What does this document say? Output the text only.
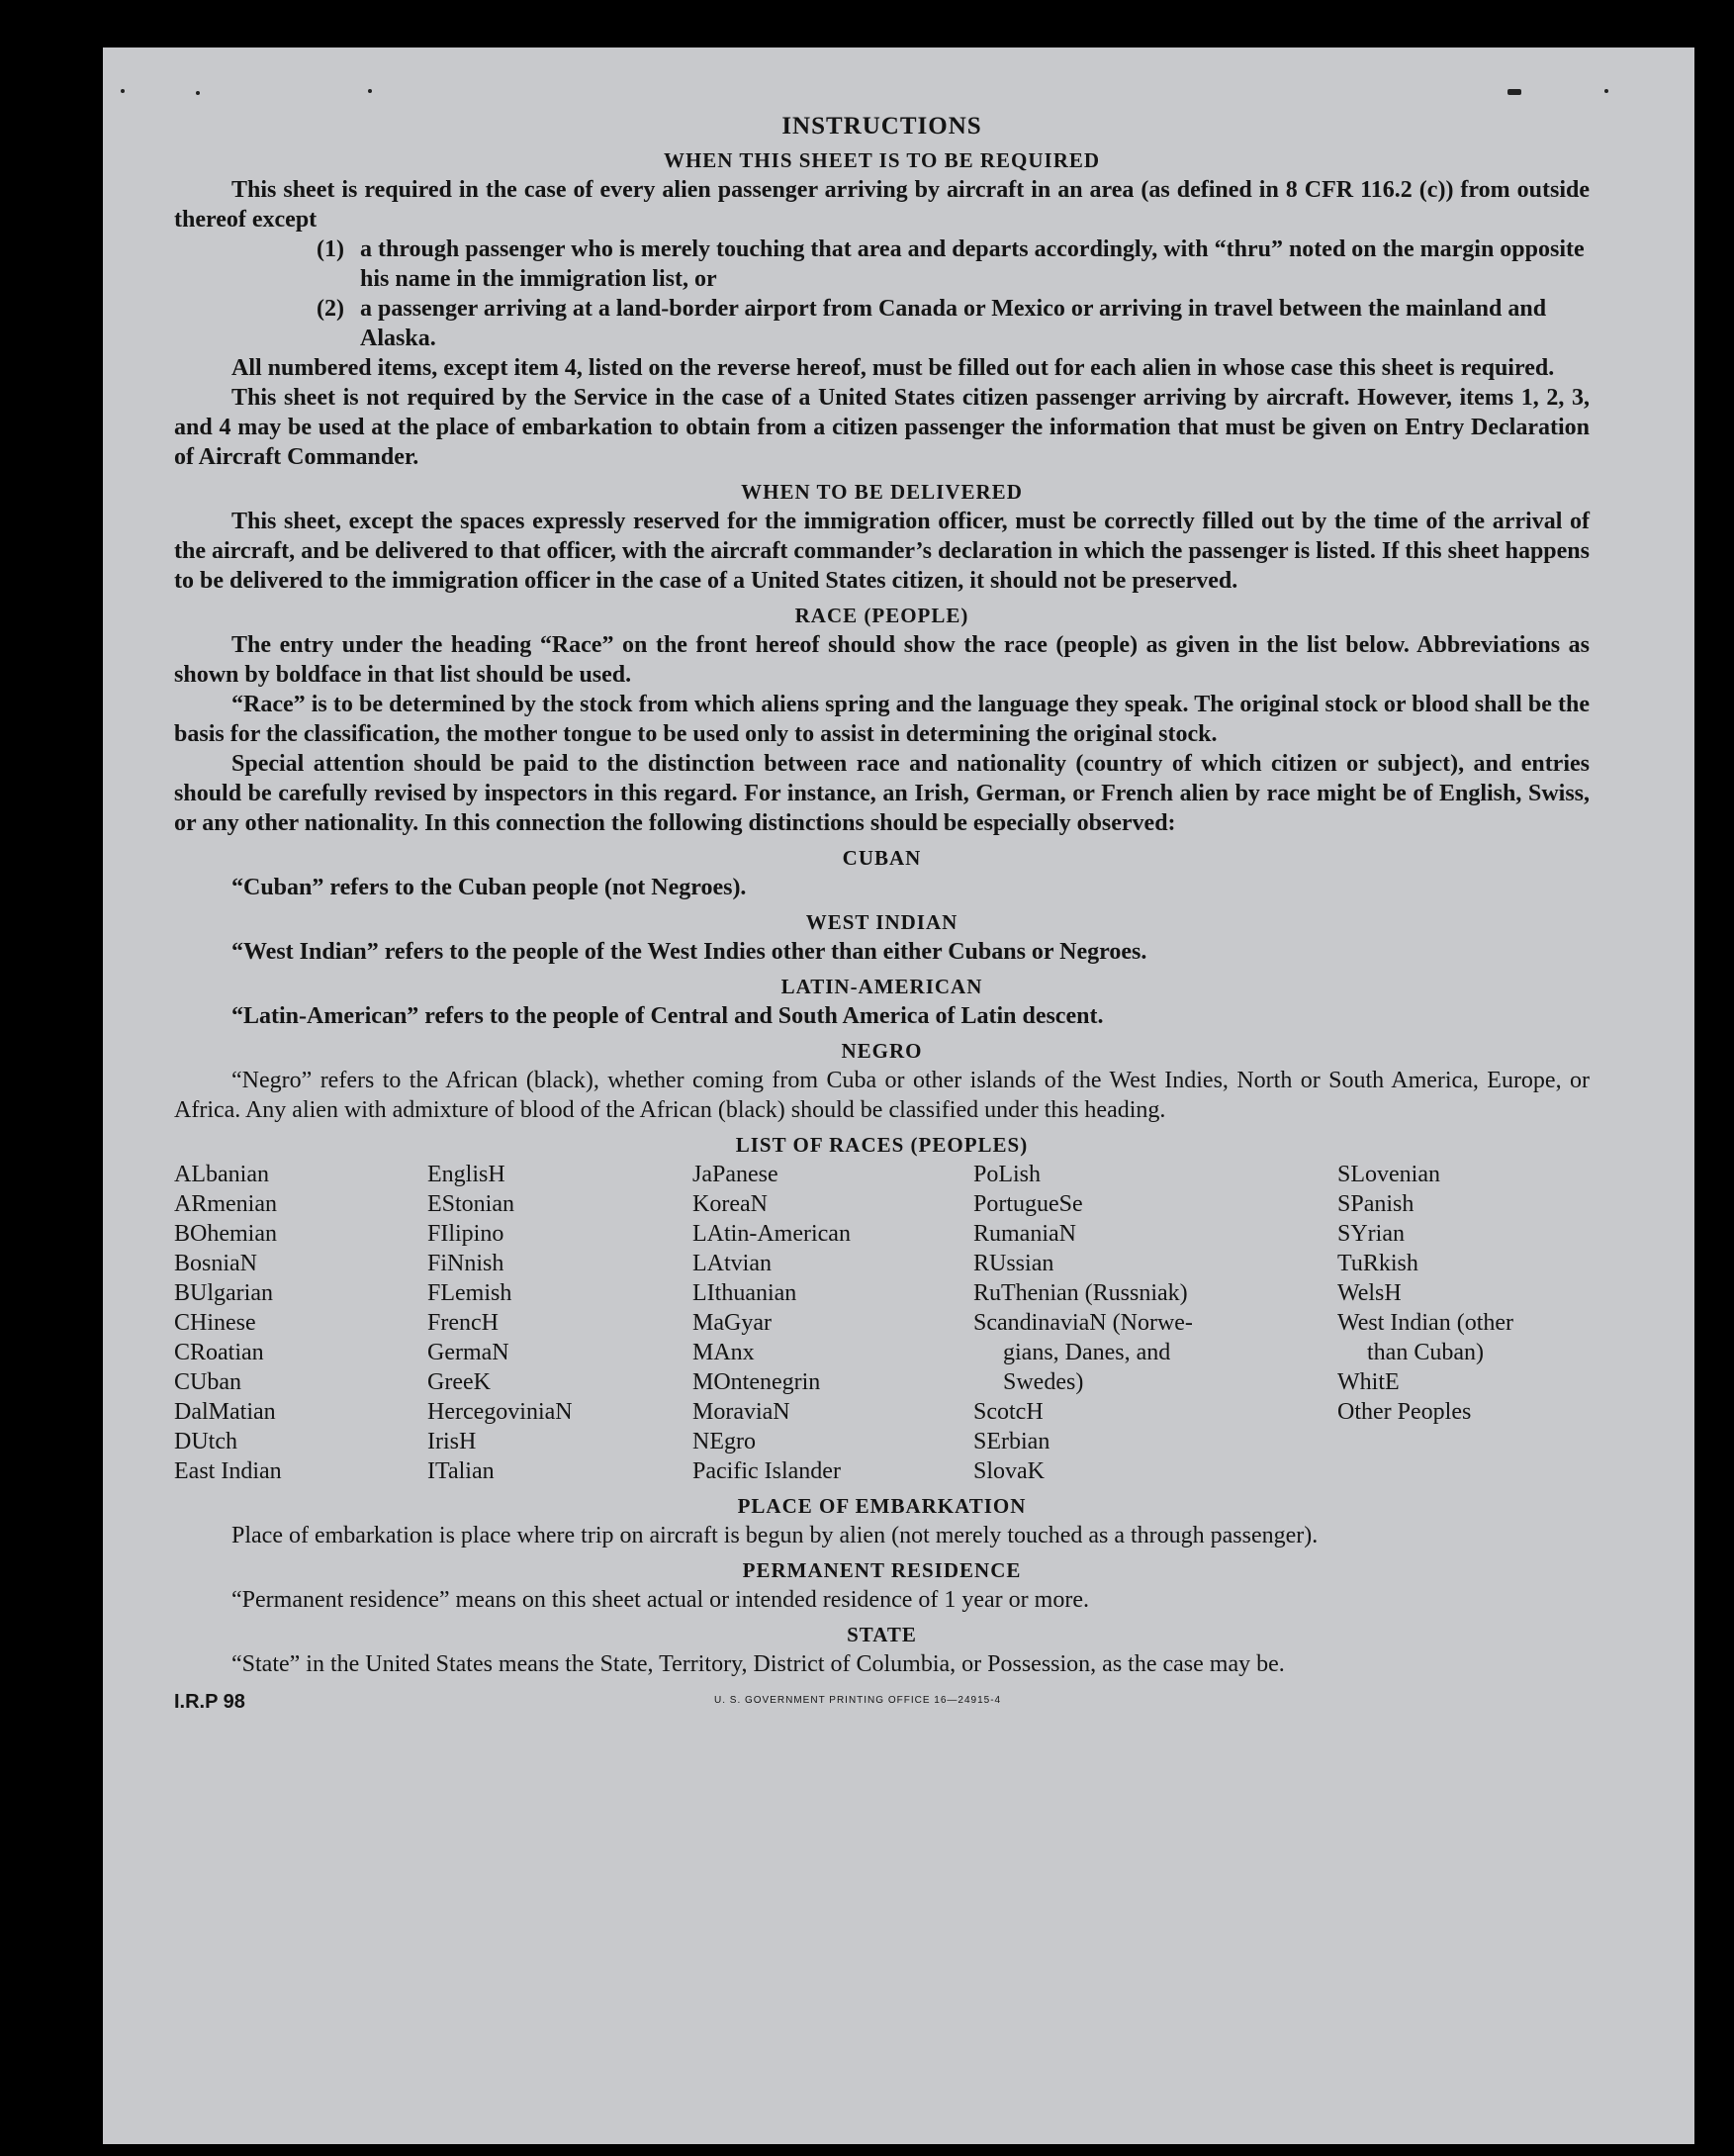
INSTRUCTIONS
WHEN THIS SHEET IS TO BE REQUIRED

This sheet is required in the case of every alien passenger arriving by aircraft in an area (as defined in 8 CFR 116.2 (c)) from outside thereof except

(1) a through passenger who is merely touching that area and departs accordingly, with “thru” noted on the margin opposite his name in the immigration list, or
(2) a passenger arriving at a land-border airport from Canada or Mexico or arriving in travel between the mainland and Alaska.

All numbered items, except item 4, listed on the reverse hereof, must be filled out for each alien in whose case this sheet is required.

This sheet is not required by the Service in the case of a United States citizen passenger arriving by aircraft. However, items 1, 2, 3, and 4 may be used at the place of embarkation to obtain from a citizen passenger the information that must be given on Entry Declaration of Aircraft Commander.

WHEN TO BE DELIVERED

This sheet, except the spaces expressly reserved for the immigration officer, must be correctly filled out by the time of the arrival of the aircraft, and be delivered to that officer, with the aircraft commander’s declaration in which the passenger is listed. If this sheet happens to be delivered to the immigration officer in the case of a United States citizen, it should not be preserved.

RACE (PEOPLE)

The entry under the heading “Race” on the front hereof should show the race (people) as given in the list below. Abbreviations as shown by boldface in that list should be used.

“Race” is to be determined by the stock from which aliens spring and the language they speak. The original stock or blood shall be the basis for the classification, the mother tongue to be used only to assist in determining the original stock.

Special attention should be paid to the distinction between race and nationality (country of which citizen or subject), and entries should be carefully revised by inspectors in this regard. For instance, an Irish, German, or French alien by race might be of English, Swiss, or any other nationality. In this connection the following distinctions should be especially observed:

CUBAN

“Cuban” refers to the Cuban people (not Negroes).

WEST INDIAN

“West Indian” refers to the people of the West Indies other than either Cubans or Negroes.

LATIN-AMERICAN

“Latin-American” refers to the people of Central and South America of Latin descent.

NEGRO

“Negro” refers to the African (black), whether coming from Cuba or other islands of the West Indies, North or South America, Europe, or Africa. Any alien with admixture of blood of the African (black) should be classified under this heading.

LIST OF RACES (PEOPLES)
ALbanian
ARmenian
BOhemian
BosniaN
BUlgarian
CHinese
CRoatian
CUban
DalMatian
DUtch
East Indian
EnglisH
EStonian
FIlipino
FiNnish
FLemish
FrencH
GermaN
GreeK
HercegoviniaN
IrisH
ITalian
JaPanese
KoreaN
LAtin-American
LAtvian
LIthuanian
MaGyar
MAnx
MOntenegrin
MoraviaN
NEgro
Pacific Islander
PoLish
PortugueSe
RumaniaN
RUssian
RuThenian (Russniak)
ScandinaviaN (Norwe-
gians, Danes, and
Swedes)
ScotcH
SErbian
SlovaK
SLovenian
SPanish
SYrian
TuRkish
WelsH
West Indian (other
than Cuban)
WhitE
Other Peoples
PLACE OF EMBARKATION

Place of embarkation is place where trip on aircraft is begun by alien (not merely touched as a through passenger).

PERMANENT RESIDENCE

“Permanent residence” means on this sheet actual or intended residence of 1 year or more.

STATE

“State” in the United States means the State, Territory, District of Columbia, or Possession, as the case may be.

I.R.P 98	U. S. GOVERNMENT PRINTING OFFICE 16—24915-4
